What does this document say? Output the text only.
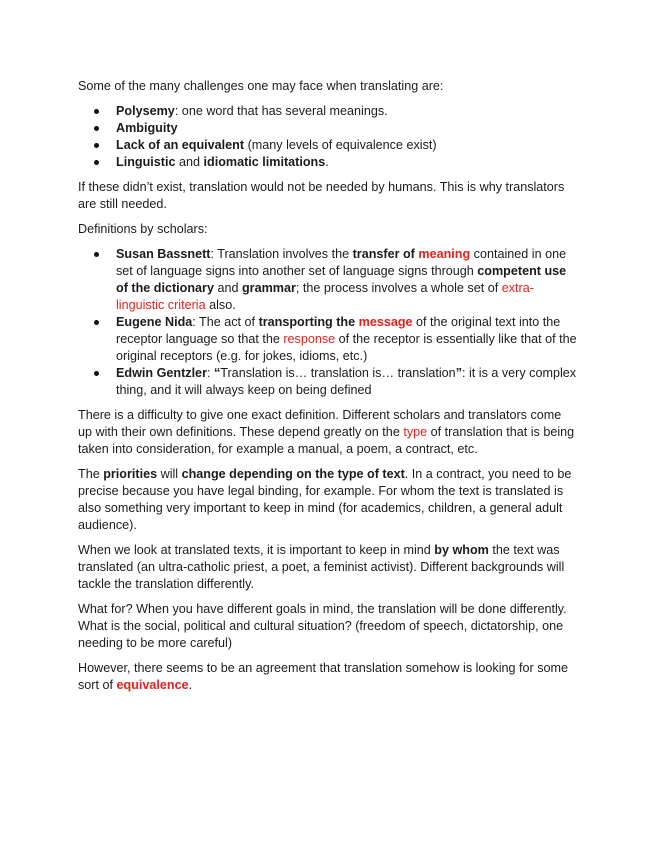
Some of the many challenges one may face when translating are:

Polysemy: one word that has several meanings.
Ambiguity
Lack of an equivalent (many levels of equivalence exist)
Linguistic and idiomatic limitations.

If these didn’t exist, translation would not be needed by humans. This is why translators are still needed.

Definitions by scholars:

Susan Bassnett: Translation involves the transfer of meaning contained in one set of language signs into another set of language signs through competent use of the dictionary and grammar; the process involves a whole set of extra-linguistic criteria also.
Eugene Nida: The act of transporting the message of the original text into the receptor language so that the response of the receptor is essentially like that of the original receptors (e.g. for jokes, idioms, etc.)
Edwin Gentzler: “Translation is… translation is… translation”: it is a very complex thing, and it will always keep on being defined

There is a difficulty to give one exact definition. Different scholars and translators come up with their own definitions. These depend greatly on the type of translation that is being taken into consideration, for example a manual, a poem, a contract, etc.

The priorities will change depending on the type of text. In a contract, you need to be precise because you have legal binding, for example. For whom the text is translated is also something very important to keep in mind (for academics, children, a general adult audience).

When we look at translated texts, it is important to keep in mind by whom the text was translated (an ultra-catholic priest, a poet, a feminist activist). Different backgrounds will tackle the translation differently.

What for? When you have different goals in mind, the translation will be done differently. What is the social, political and cultural situation? (freedom of speech, dictatorship, one needing to be more careful)

However, there seems to be an agreement that translation somehow is looking for some sort of equivalence.
